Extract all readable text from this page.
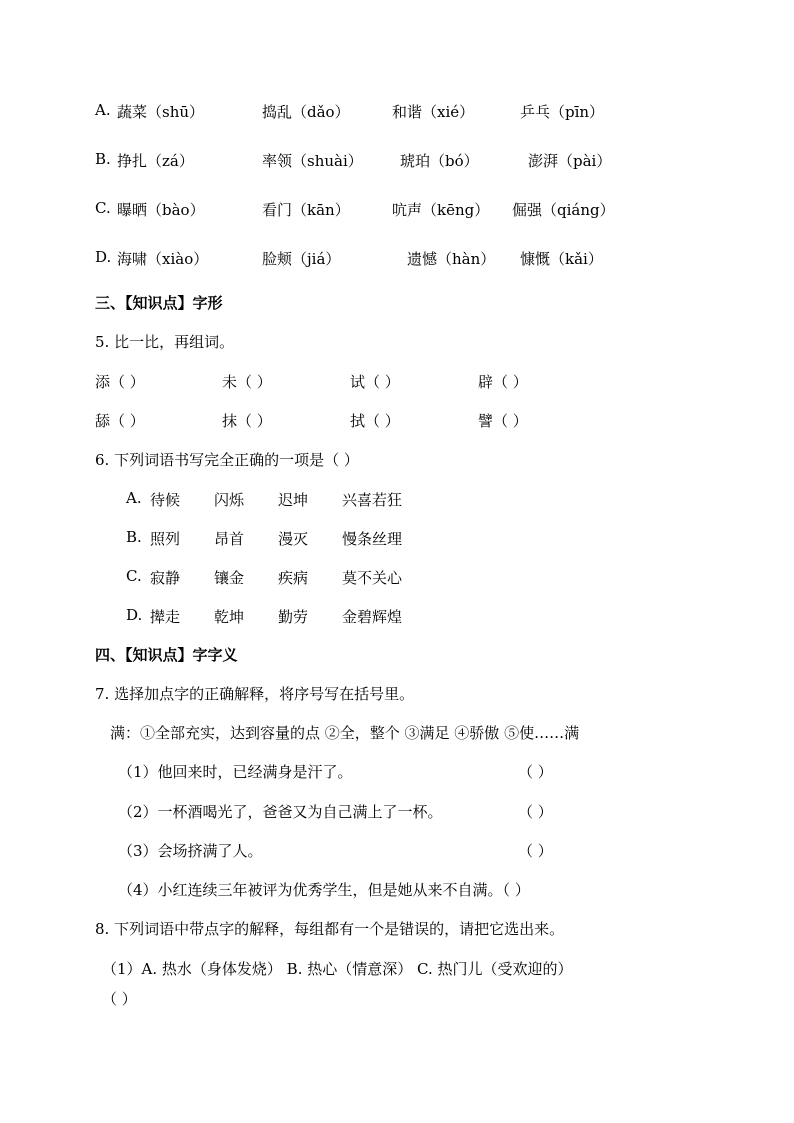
A. 蔬菜（shū）	捣乱（dǎo）	和谐（xié）	乒乓（pīn）
B. 挣扎（zá）	率领（shuài） 琥珀（bó）	澎湃（pài）
C. 曝晒（bào）	看门（kān）	吭声（kēng） 倔强（qiáng）
D. 海啸（xiào）	脸颊（jiá）	遗憾（hàn） 慷慨（kǎi）
三、【知识点】字形
5. 比一比，再组词。
添（ ）	未（ ）	试（ ）	辟（ ）
舔（ ）	抹（ ）	拭（ ）	譬（ ）
6. 下列词语书写完全正确的一项是（ ）
A. 待候 闪烁 迟坤 兴喜若狂
B. 照列 昂首 漫灭 慢条丝理
C. 寂静 镶金 疾病 莫不关心
D. 撵走 乾坤 勤劳 金碧辉煌
四、【知识点】字字义
7. 选择加点字的正确解释，将序号写在括号里。
满：①全部充实，达到容量的点 ②全，整个 ③满足 ④骄傲 ⑤使……满
（1）他回来时，已经满身是汗了。	（ ）
（2）一杯酒喝光了，爸爸又为自己满上了一杯。	（ ）
（3）会场挤满了人。	（ ）
（4）小红连续三年被评为优秀学生，但是她从来不自满。（ ）
8. 下列词语中带点字的解释，每组都有一个是错误的，请把它选出来。
（1）A. 热水（身体发烧） B. 热心（情意深） C. 热门儿（受欢迎的）
（ ）
